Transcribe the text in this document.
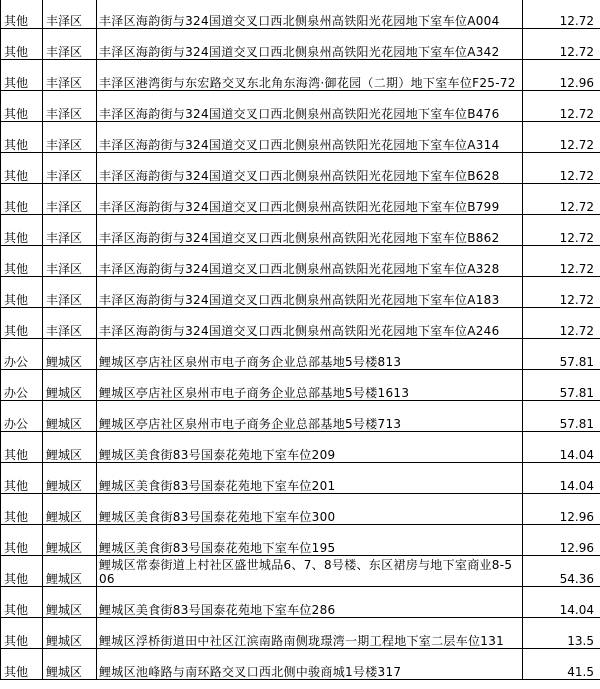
其他	丰泽区	丰泽区海韵街与324国道交叉口西北侧泉州高铁阳光花园地下室车位A004	12.72
其他	丰泽区	丰泽区海韵街与324国道交叉口西北侧泉州高铁阳光花园地下室车位A342	12.72
其他	丰泽区	丰泽区港湾街与东宏路交叉东北角东海湾·御花园（二期）地下室车位F25-72	12.96
其他	丰泽区	丰泽区海韵街与324国道交叉口西北侧泉州高铁阳光花园地下室车位B476	12.72
其他	丰泽区	丰泽区海韵街与324国道交叉口西北侧泉州高铁阳光花园地下室车位A314	12.72
其他	丰泽区	丰泽区海韵街与324国道交叉口西北侧泉州高铁阳光花园地下室车位B628	12.72
其他	丰泽区	丰泽区海韵街与324国道交叉口西北侧泉州高铁阳光花园地下室车位B799	12.72
其他	丰泽区	丰泽区海韵街与324国道交叉口西北侧泉州高铁阳光花园地下室车位B862	12.72
其他	丰泽区	丰泽区海韵街与324国道交叉口西北侧泉州高铁阳光花园地下室车位A328	12.72
其他	丰泽区	丰泽区海韵街与324国道交叉口西北侧泉州高铁阳光花园地下室车位A183	12.72
其他	丰泽区	丰泽区海韵街与324国道交叉口西北侧泉州高铁阳光花园地下室车位A246	12.72
办公	鲤城区	鲤城区亭店社区泉州市电子商务企业总部基地5号楼813	57.81
办公	鲤城区	鲤城区亭店社区泉州市电子商务企业总部基地5号楼1613	57.81
办公	鲤城区	鲤城区亭店社区泉州市电子商务企业总部基地5号楼713	57.81
其他	鲤城区	鲤城区美食街83号国泰花苑地下室车位209	14.04
其他	鲤城区	鲤城区美食街83号国泰花苑地下室车位201	14.04
其他	鲤城区	鲤城区美食街83号国泰花苑地下室车位300	12.96
其他	鲤城区	鲤城区美食街83号国泰花苑地下室车位195	12.96
其他	鲤城区	鲤城区常泰街道上村社区盛世城品6、7、8号楼、东区裙房与地下室商业8-506	54.36
其他	鲤城区	鲤城区美食街83号国泰花苑地下室车位286	14.04
其他	鲤城区	鲤城区浮桥街道田中社区江滨南路南侧珑璟湾一期工程地下室二层车位131	13.5
其他	鲤城区	鲤城区池峰路与南环路交叉口西北侧中骏商城1号楼317	41.5
